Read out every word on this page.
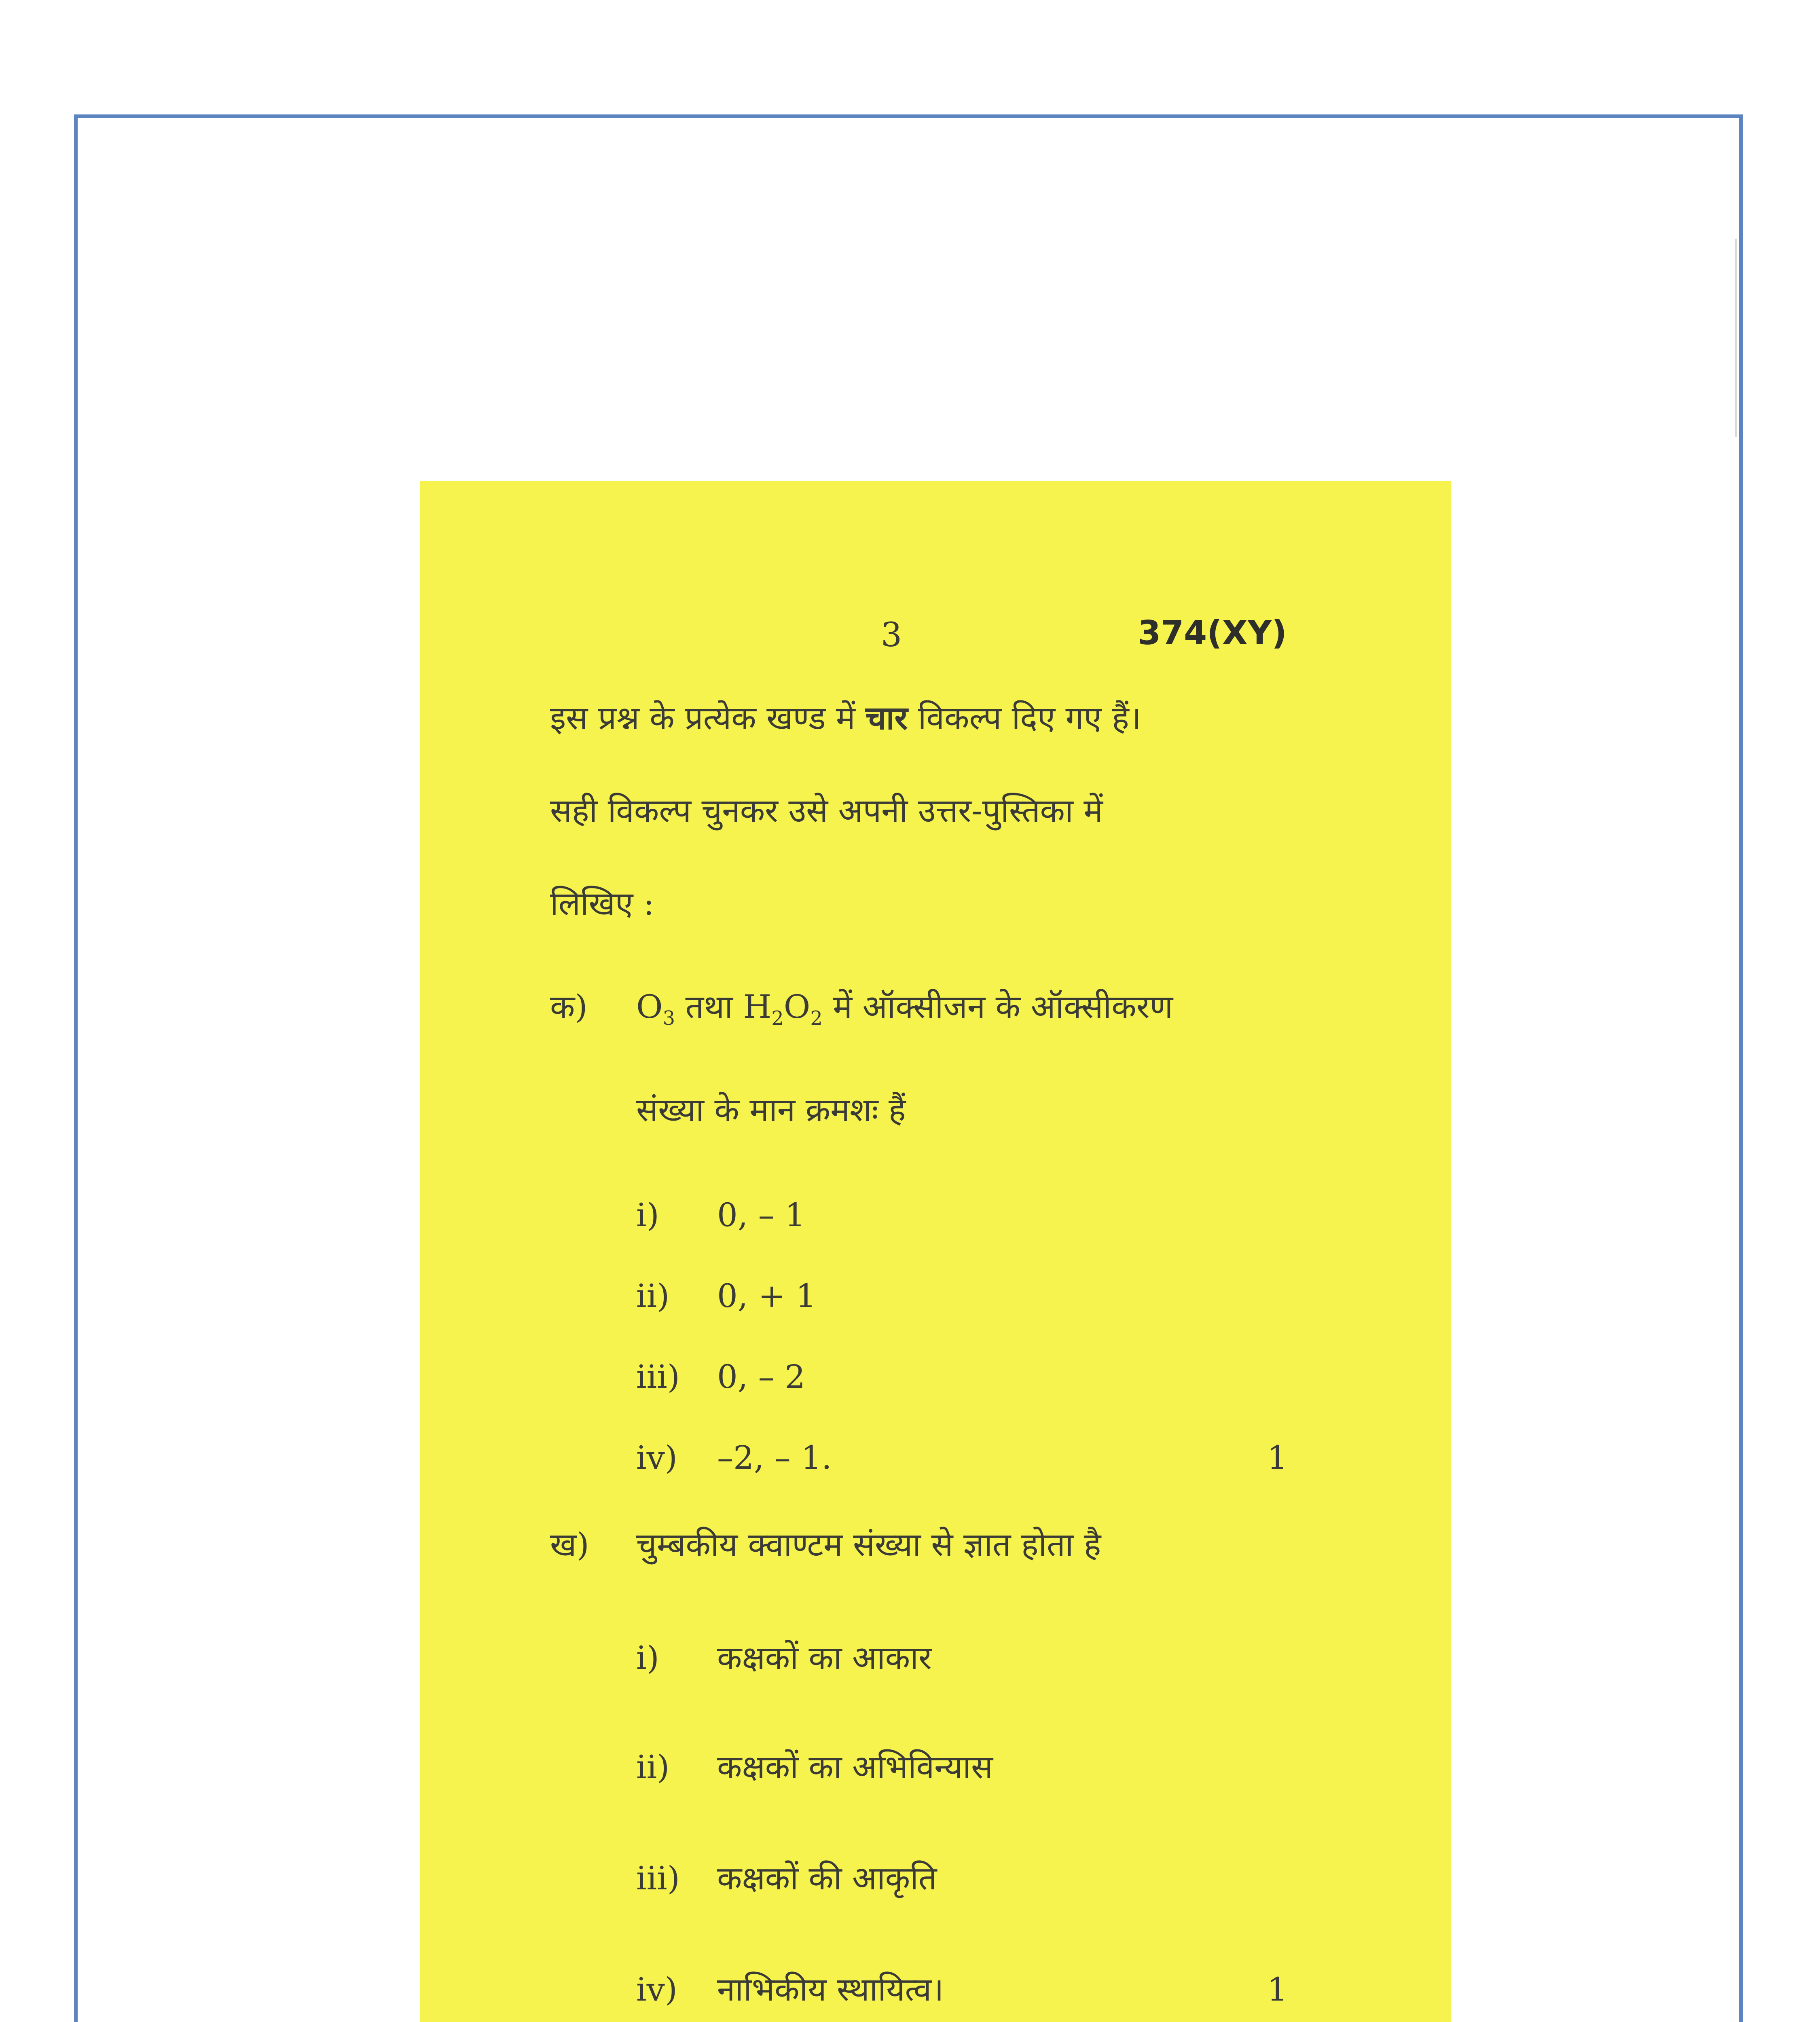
3	374(XY)
इस प्रश्न के प्रत्येक खण्ड में चार विकल्प दिए गए हैं।
सही विकल्प चुनकर उसे अपनी उत्तर-पुस्तिका में
लिखिए :
क) $O_3$ तथा $H_2O_2$ में ऑक्सीजन के ऑक्सीकरण
संख्या के मान क्रमशः हैं
i) 0, – 1
ii) 0, + 1
iii) 0, – 2
iv) –2, – 1.	1
ख) चुम्बकीय क्वाण्टम संख्या से ज्ञात होता है
i) कक्षकों का आकार
ii) कक्षकों का अभिविन्यास
iii) कक्षकों की आकृति
iv) नाभिकीय स्थायित्व।	1
